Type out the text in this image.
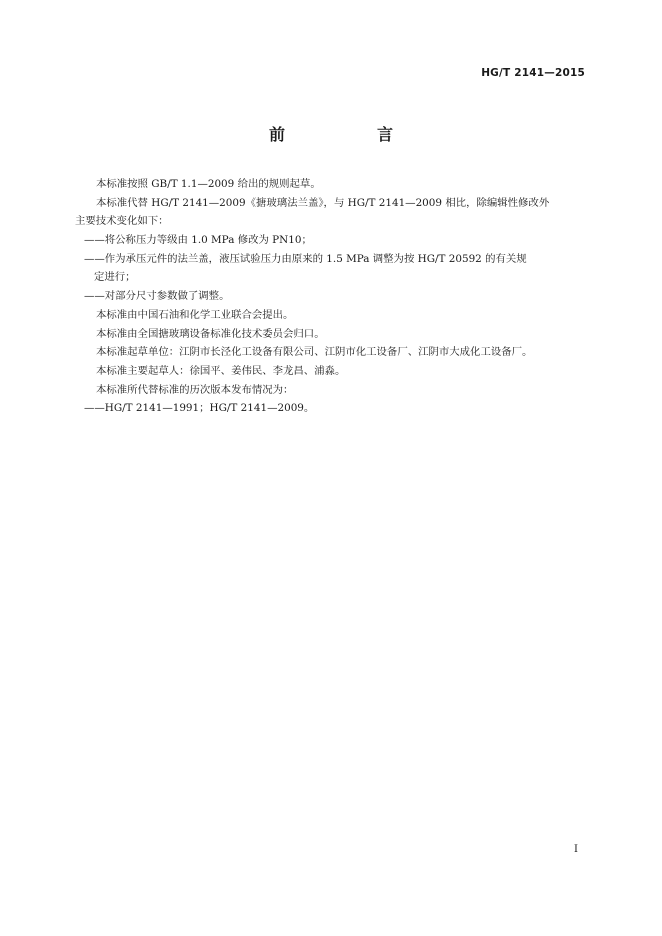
HG/T 2141—2015
前　言
本标准按照 GB/T 1.1—2009 给出的规则起草。
本标准代替 HG/T 2141—2009《搪玻璃法兰盖》，与 HG/T 2141—2009 相比，除编辑性修改外
主要技术变化如下：
——将公称压力等级由 1.0 MPa 修改为 PN10；
——作为承压元件的法兰盖，液压试验压力由原来的 1.5 MPa 调整为按 HG/T 20592 的有关规
定进行；
——对部分尺寸参数做了调整。
本标准由中国石油和化学工业联合会提出。
本标准由全国搪玻璃设备标准化技术委员会归口。
本标准起草单位：江阴市长泾化工设备有限公司、江阴市化工设备厂、江阴市大成化工设备厂。
本标准主要起草人：徐国平、姜伟民、李龙昌、浦淼。
本标准所代替标准的历次版本发布情况为：
——HG/T 2141—1991；HG/T 2141—2009。
I
